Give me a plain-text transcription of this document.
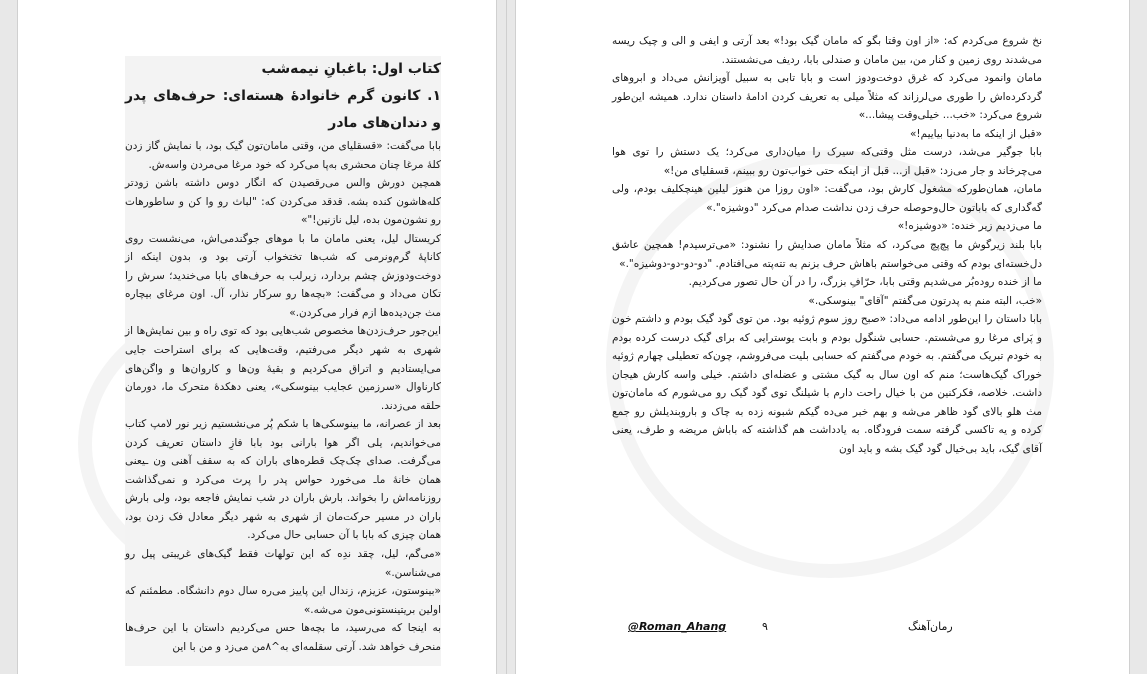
کتاب اول: باغبانِ نیمه‌شب

۱. کانون گرم خانوادۀ هسته‌ای: حرف‌های پدر و دندان‌های مادر

بابا می‌گفت: «قسقلیای من، وقتی مامان‌تون گیک بود، با نمایش گاز زدن کلۀ مرغا چنان محشری به‌پا می‌کرد که خود مرغا می‌مردن واسه‌ش.

همچین دورش والس می‌رقصیدن که انگار دوس داشته باشن زودتر کله‌هاشون کنده بشه. قدقد می‌کردن که: "لباث رو وا کن و ساطورهات رو نشون‌مون بده، لیل نازنین!"»

کریستال لیل، یعنی مامان ما با موهای جوگندمی‌اش، می‌نشست روی کاناپۀ گرم‌ونرمی که شب‌ها تختخواب آرتی بود و، بدون اینکه از دوخت‌ودوزش چشم بردارد، زیرلب به حرف‌های بابا می‌خندید؛ سرش را تکان می‌داد و می‌گفت: «بچه‌ها رو سرکار نذار، آل. اون مرغای بیچاره مث جن‌دیده‌ها ازم فرار می‌کردن.»

این‌جور حرف‌زدن‌ها مخصوص شب‌هایی بود که توی راه و بین نمایش‌ها از شهری به شهر دیگر می‌رفتیم، وقت‌هایی که برای استراحت جایی می‌ایستادیم و اتراق می‌کردیم و بقیۀ ون‌ها و کاروان‌ها و واگن‌های کارناوال «سرزمین عجایب بینوسکی»، یعنی دهکدۀ متحرک ما، دورمان حلقه می‌زدند.

بعد از عصرانه، ما بینوسکی‌ها با شکم پُر می‌نشستیم زیر نور لامپ کتاب می‌خواندیم، یلی اگر هوا بارانی بود بابا فازِ داستان تعریف کردن می‌گرفت. صدای چک‌چک قطره‌های باران که به سقف آهنی ون ـیعنی همان خانۀ ماـ می‌خورد حواس پدر را پرت می‌کرد و نمی‌گذاشت روزنامه‌اش را بخواند. بارش باران در شب نمایش فاجعه بود، ولی بارش باران در مسیر حرکت‌مان از شهری به شهر دیگر معادل فک زدن بود، همان چیزی که بابا با آن حسابی حال می‌کرد.

«می‌گم، لیل، چقد ندِه که این تولهات فقط گیک‌های غریبتی پیل رو می‌شناسن.»

«بینوستون، عزیزم، زندال این پاییز می‌ره سال دوم دانشگاه. مطمئنم که اولین بریتینستونی‌مون می‌شه.»

به اینجا که می‌رسید، ما بچه‌ها حس می‌کردیم داستان با این حرف‌ها منحرف خواهد شد. آرتی سقلمه‌ای به^۸من می‌زد و من با این

نخ شروع می‌کردم که: «از اون وقتا بگو که مامان گیک بود!» بعد آرتی و ایفی و الی و چیک ریسه می‌شدند روی زمین و کنار من، بین مامان و صندلی بابا، ردیف می‌نشستند.

مامان وانمود می‌کرد که غرق دوخت‌ودوز است و بابا تابی به سبیل آویزانش می‌داد و ابروهای گردکرده‌اش را طوری می‌لرزاند که مثلاً میلی به تعریف کردن ادامۀ داستان ندارد. همیشه این‌طور شروع می‌کرد: «خب... خیلی‌وقت پیشا...»

«قبل از اینکه ما به‌دنیا بیاییم!»

بابا جوگیر می‌شد، درست مثل وقتی‌که سیرک را میان‌داری می‌کرد؛ یک دستش را توی هوا می‌چرخاند و جار می‌زد: «قبل از... قبل از اینکه حتی خواب‌تون رو ببینم، قسقلیای من!»

مامان، همان‌طورکه مشغول کارش بود، می‌گفت: «اون روزا من هنوز لیلین هینچکلیف بودم، ولی گه‌گداری که باباتون حال‌وحوصله حرف زدن نداشت صدام می‌کرد "دوشیزه".»

ما می‌زدیم زیر خنده: «دوشیزه!»

بابا بلند زیرگوش ما پچ‌پچ می‌کرد، که مثلاً مامان صدایش را نشنود: «می‌ترسیدم! همچین عاشق دل‌خسته‌ای بودم که وقتی می‌خواستم باهاش حرف بزنم به تته‌پته می‌افتادم. "دو-دو-دو-دوشیزه".»

ما از خنده روده‌بُر می‌شدیم وقتی بابا، حرّافِ بزرگ، را در آن حال تصور می‌کردیم.

«خب، البته منم به پدرتون می‌گفتم "آقای" بینوسکی.»

بابا داستان را این‌طور ادامه می‌داد: «صبح روز سوم ژوئیه بود. من توی گود گیک بودم و داشتم خون و پَرای مرغا رو می‌شستم. حسابی شنگول بودم و بابت یوسترایی که برای گیک درست کرده بودم به خودم تبریک می‌گفتم. به خودم می‌گفتم که حسابی بلیت می‌فروشم، چون‌که تعطیلی چهارم ژوئیه خوراک گیک‌هاست؛ منم که اون سال به گیک مشتی و عضله‌ای داشتم. خیلی واسه کارش هیجان داشت. خلاصه، فکرکنین من با خیال راحت دارم با شیلنگ توی گود گیک رو می‌شورم که مامان‌تون مث هلو بالای گود ظاهر می‌شه و بهم خبر می‌ده گیکم شبونه زده به چاک و باروبندیلش رو جمع کرده و یه تاکسی گرفته سمت فرودگاه. به یادداشت هم گذاشته که باباش مریضه و طرف، یعنی آقای گیک، باید بی‌خیال گود گیک بشه و باید اون

@Roman_Ahang	۹	رمان‌آهنگ
